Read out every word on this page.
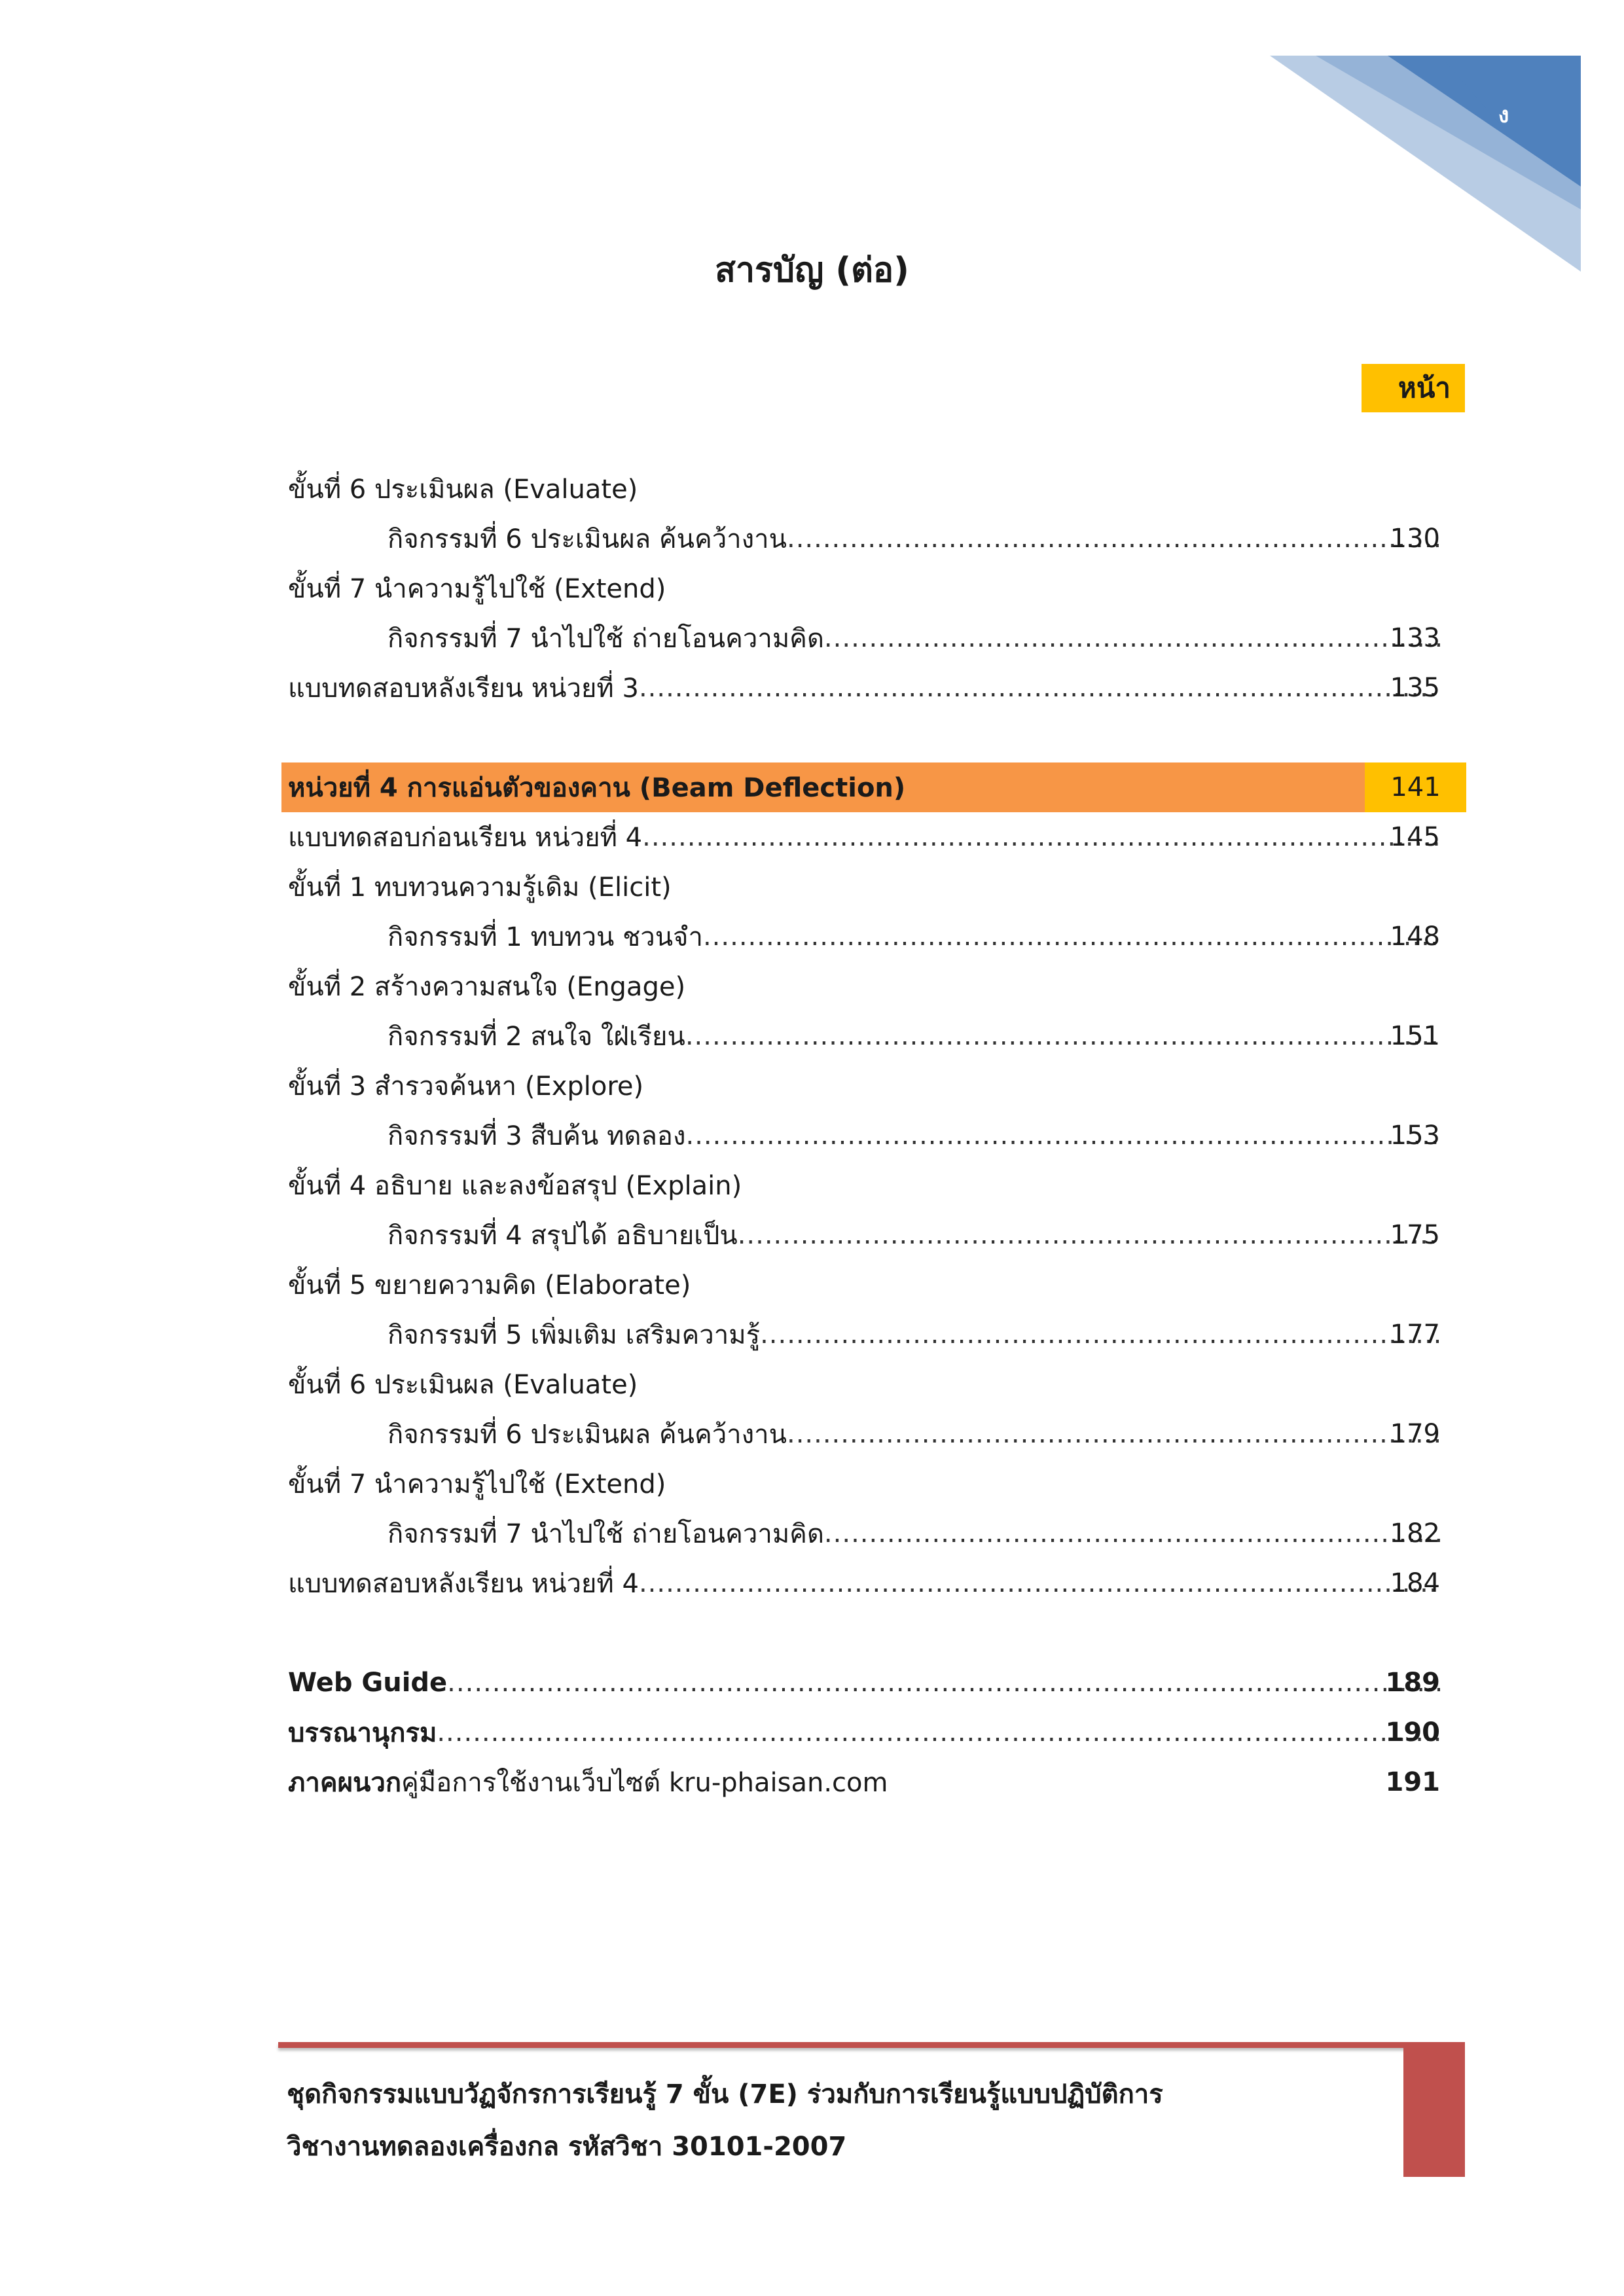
ง
สารบัญ (ต่อ)
หน้า
ขั้นที่ 6 ประเมินผล (Evaluate)
กิจกรรมที่ 6 ประเมินผล ค้นคว้างาน .....	130
ขั้นที่ 7 นำความรู้ไปใช้ (Extend)
กิจกรรมที่ 7 นำไปใช้ ถ่ายโอนความคิด .....	133
แบบทดสอบหลังเรียน หน่วยที่ 3 .....	135
หน่วยที่ 4 การแอ่นตัวของคาน (Beam Deflection)	141
แบบทดสอบก่อนเรียน หน่วยที่ 4 .....	145
ขั้นที่ 1 ทบทวนความรู้เดิม (Elicit)
กิจกรรมที่ 1 ทบทวน ชวนจำ .....	148
ขั้นที่ 2 สร้างความสนใจ (Engage)
กิจกรรมที่ 2 สนใจ ใฝ่เรียน .....	151
ขั้นที่ 3 สำรวจค้นหา (Explore)
กิจกรรมที่ 3 สืบค้น ทดลอง .....	153
ขั้นที่ 4 อธิบาย และลงข้อสรุป (Explain)
กิจกรรมที่ 4 สรุปได้ อธิบายเป็น .....	175
ขั้นที่ 5 ขยายความคิด (Elaborate)
กิจกรรมที่ 5 เพิ่มเติม เสริมความรู้ .....	177
ขั้นที่ 6 ประเมินผล (Evaluate)
กิจกรรมที่ 6 ประเมินผล ค้นคว้างาน .....	179
ขั้นที่ 7 นำความรู้ไปใช้ (Extend)
กิจกรรมที่ 7 นำไปใช้ ถ่ายโอนความคิด .....	182
แบบทดสอบหลังเรียน หน่วยที่ 4 .....	184
Web Guide .....	189
บรรณานุกรม .....	190
ภาคผนวก คู่มือการใช้งานเว็บไซต์ kru-phaisan.com	191
ชุดกิจกรรมแบบวัฏจักรการเรียนรู้ 7 ขั้น (7E) ร่วมกับการเรียนรู้แบบปฏิบัติการ
วิชางานทดลองเครื่องกล รหัสวิชา 30101-2007
